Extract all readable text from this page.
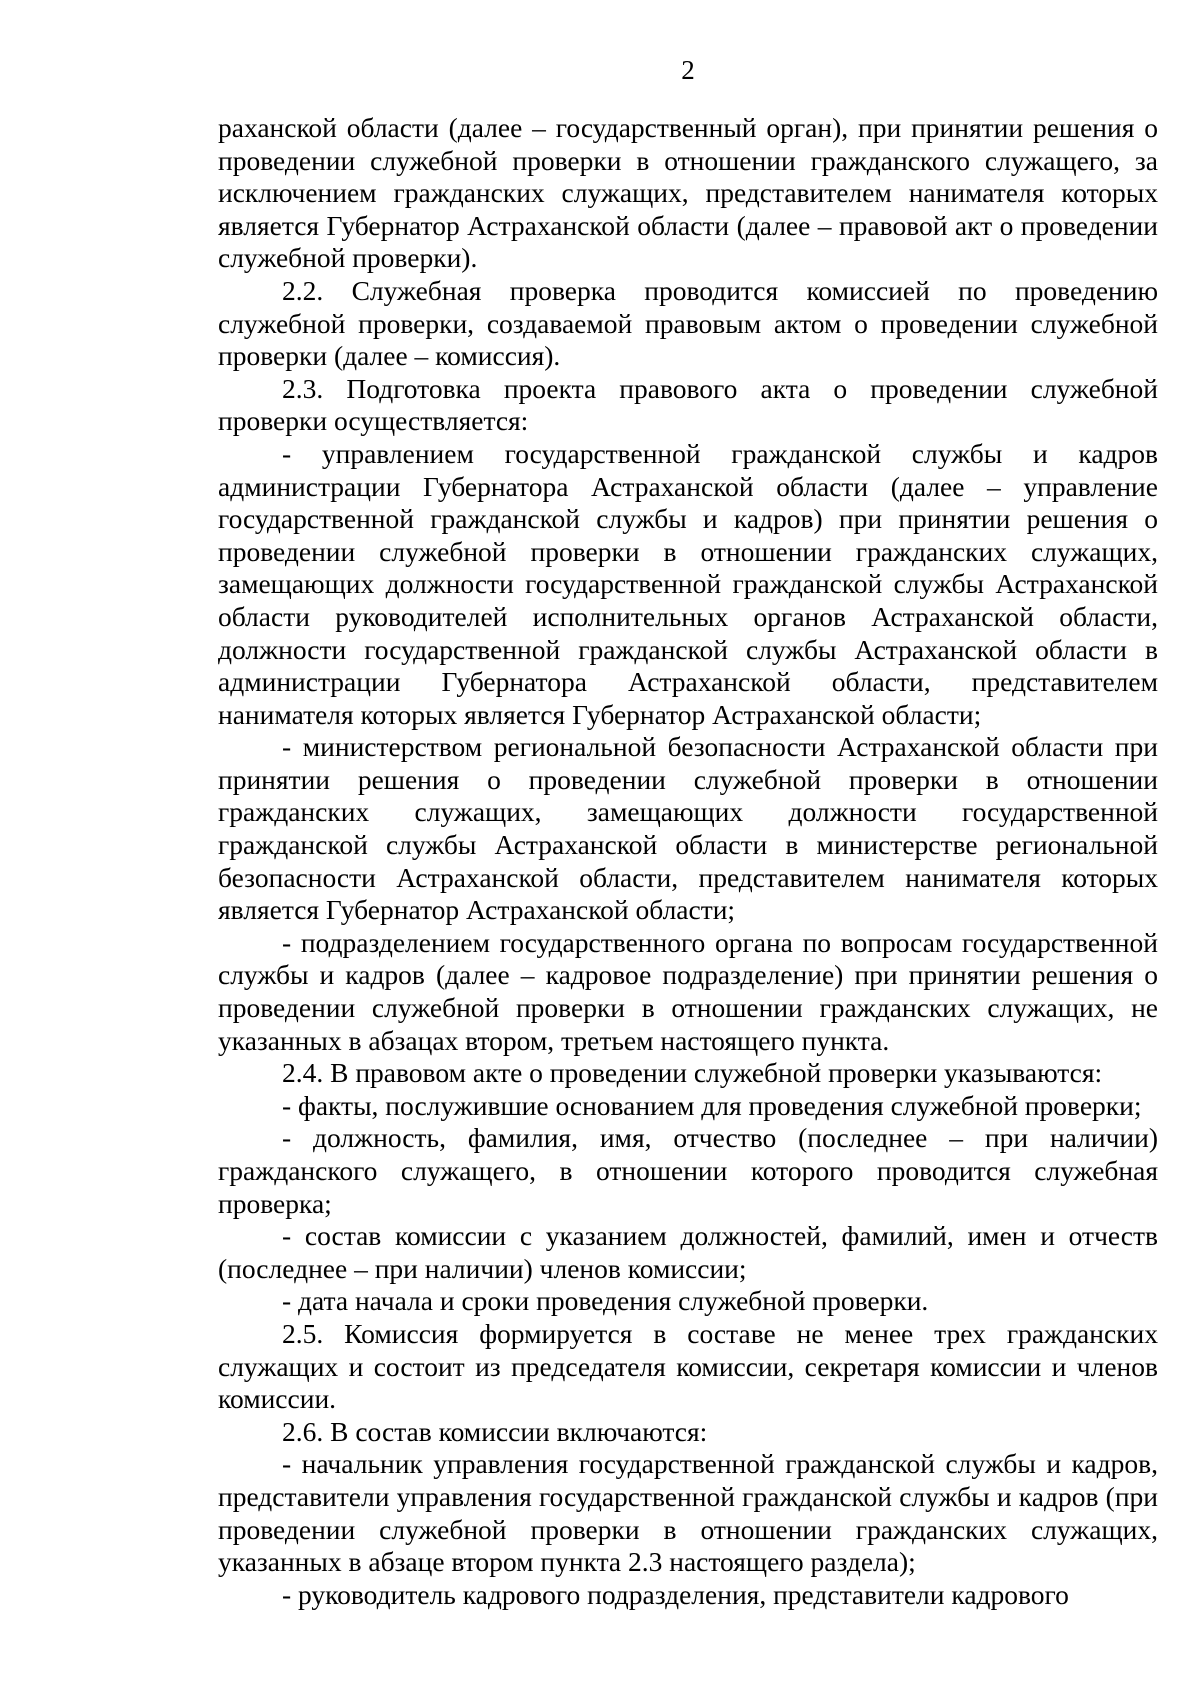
2

раханской области (далее – государственный орган), при принятии решения о проведении служебной проверки в отношении гражданского служащего, за исключением гражданских служащих, представителем нанимателя которых является Губернатор Астраханской области (далее – правовой акт о проведении служебной проверки).

2.2. Служебная проверка проводится комиссией по проведению служебной проверки, создаваемой правовым актом о проведении служебной проверки (далее – комиссия).

2.3. Подготовка проекта правового акта о проведении служебной проверки осуществляется:

- управлением государственной гражданской службы и кадров администрации Губернатора Астраханской области (далее – управление государственной гражданской службы и кадров) при принятии решения о проведении служебной проверки в отношении гражданских служащих, замещающих должности государственной гражданской службы Астраханской области руководителей исполнительных органов Астраханской области, должности государственной гражданской службы Астраханской области в администрации Губернатора Астраханской области, представителем нанимателя которых является Губернатор Астраханской области;

- министерством региональной безопасности Астраханской области при принятии решения о проведении служебной проверки в отношении гражданских служащих, замещающих должности государственной гражданской службы Астраханской области в министерстве региональной безопасности Астраханской области, представителем нанимателя которых является Губернатор Астраханской области;

- подразделением государственного органа по вопросам государственной службы и кадров (далее – кадровое подразделение) при принятии решения о проведении служебной проверки в отношении гражданских служащих, не указанных в абзацах втором, третьем настоящего пункта.

2.4. В правовом акте о проведении служебной проверки указываются:

- факты, послужившие основанием для проведения служебной проверки;

- должность, фамилия, имя, отчество (последнее – при наличии) гражданского служащего, в отношении которого проводится служебная проверка;

- состав комиссии с указанием должностей, фамилий, имен и отчеств (последнее – при наличии) членов комиссии;

- дата начала и сроки проведения служебной проверки.

2.5. Комиссия формируется в составе не менее трех гражданских служащих и состоит из председателя комиссии, секретаря комиссии и членов комиссии.

2.6. В состав комиссии включаются:

- начальник управления государственной гражданской службы и кадров, представители управления государственной гражданской службы и кадров (при проведении служебной проверки в отношении гражданских служащих, указанных в абзаце втором пункта 2.3 настоящего раздела);

- руководитель кадрового подразделения, представители кадрового
